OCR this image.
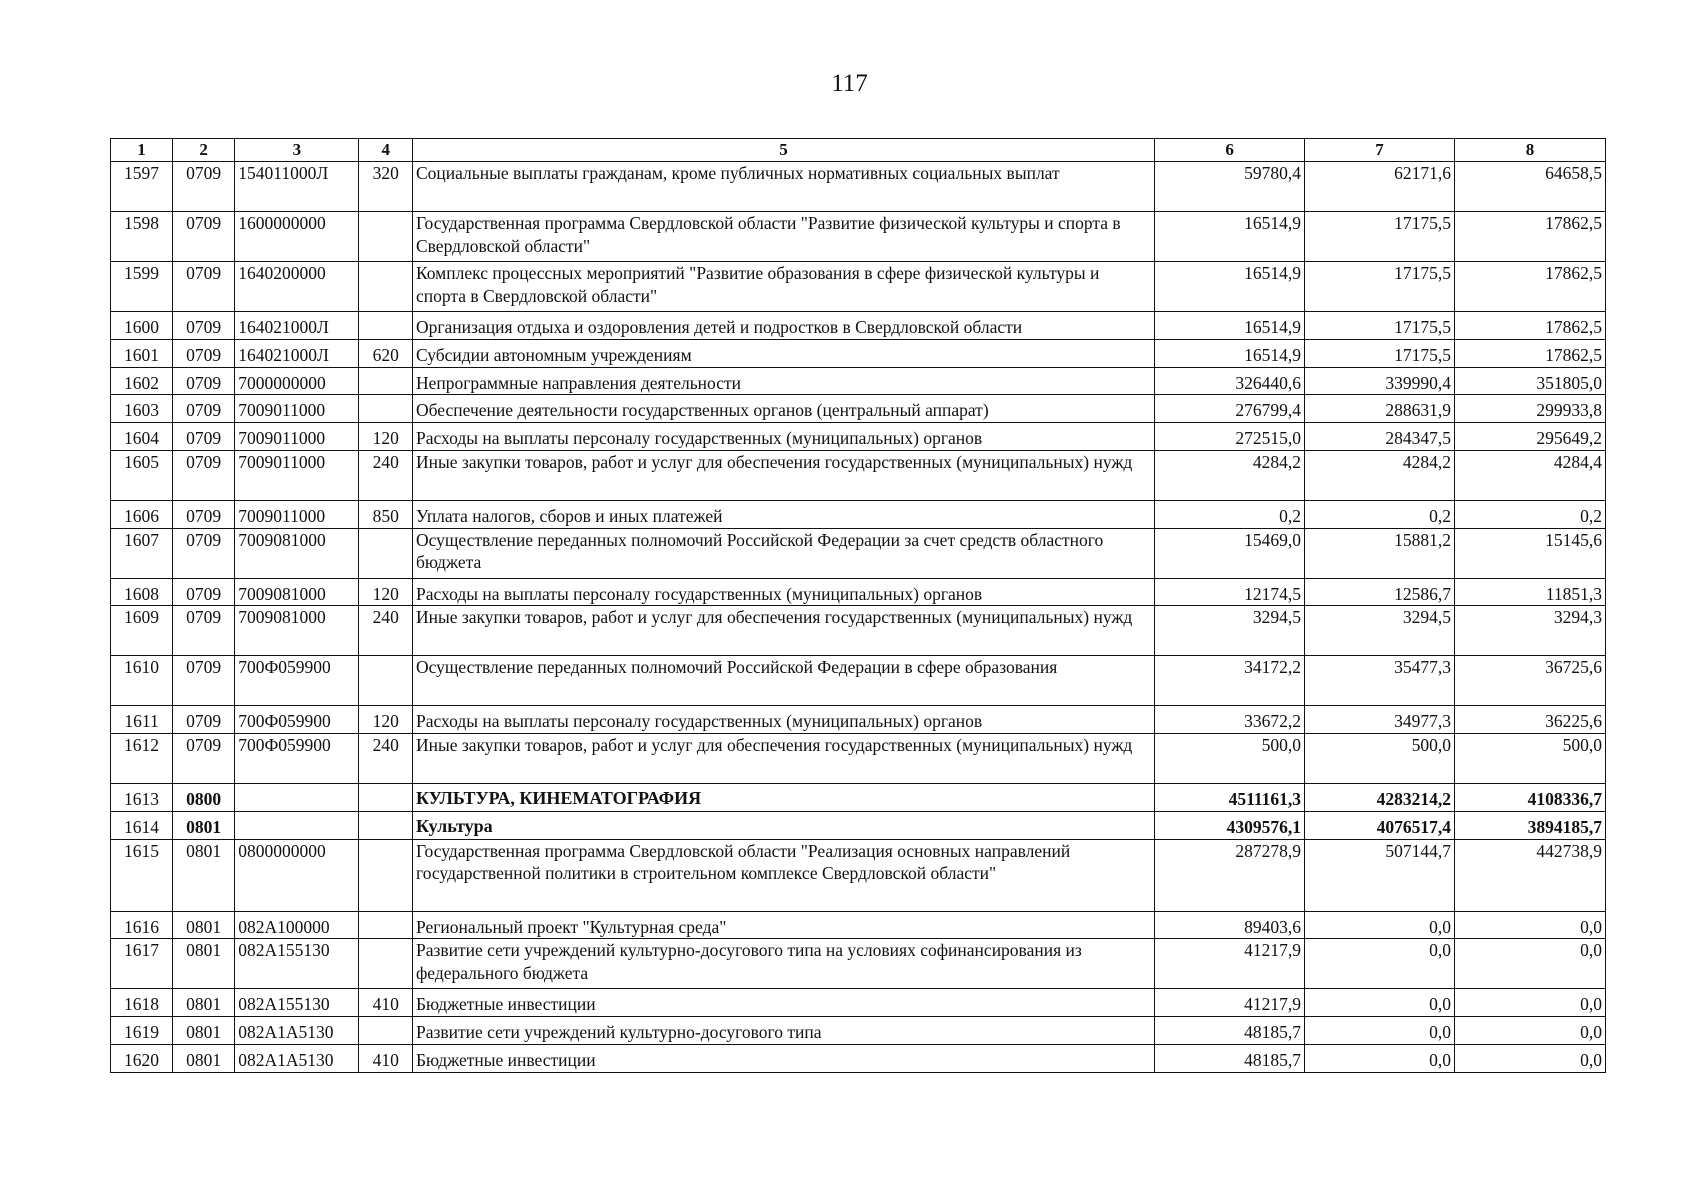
117
1	2	3	4	5	6	7	8
1597	0709	154011000Л	320	Социальные выплаты гражданам, кроме публичных нормативных социальных выплат	59780,4	62171,6	64658,5
1598	0709	1600000000		Государственная программа Свердловской области "Развитие физической культуры и спорта в Свердловской области"	16514,9	17175,5	17862,5
1599	0709	1640200000		Комплекс процессных мероприятий "Развитие образования в сфере физической культуры и спорта в Свердловской области"	16514,9	17175,5	17862,5
1600	0709	164021000Л		Организация отдыха и оздоровления детей и подростков в Свердловской области	16514,9	17175,5	17862,5
1601	0709	164021000Л	620	Субсидии автономным учреждениям	16514,9	17175,5	17862,5
1602	0709	7000000000		Непрограммные направления деятельности	326440,6	339990,4	351805,0
1603	0709	7009011000		Обеспечение деятельности государственных органов (центральный аппарат)	276799,4	288631,9	299933,8
1604	0709	7009011000	120	Расходы на выплаты персоналу государственных (муниципальных) органов	272515,0	284347,5	295649,2
1605	0709	7009011000	240	Иные закупки товаров, работ и услуг для обеспечения государственных (муниципальных) нужд	4284,2	4284,2	4284,4
1606	0709	7009011000	850	Уплата налогов, сборов и иных платежей	0,2	0,2	0,2
1607	0709	7009081000		Осуществление переданных полномочий Российской Федерации за счет средств областного бюджета	15469,0	15881,2	15145,6
1608	0709	7009081000	120	Расходы на выплаты персоналу государственных (муниципальных) органов	12174,5	12586,7	11851,3
1609	0709	7009081000	240	Иные закупки товаров, работ и услуг для обеспечения государственных (муниципальных) нужд	3294,5	3294,5	3294,3
1610	0709	700Ф059900		Осуществление переданных полномочий Российской Федерации в сфере образования	34172,2	35477,3	36725,6
1611	0709	700Ф059900	120	Расходы на выплаты персоналу государственных (муниципальных) органов	33672,2	34977,3	36225,6
1612	0709	700Ф059900	240	Иные закупки товаров, работ и услуг для обеспечения государственных (муниципальных) нужд	500,0	500,0	500,0
1613	0800			КУЛЬТУРА, КИНЕМАТОГРАФИЯ	4511161,3	4283214,2	4108336,7
1614	0801			Культура	4309576,1	4076517,4	3894185,7
1615	0801	0800000000		Государственная программа Свердловской области "Реализация основных направлений государственной политики в строительном комплексе Свердловской области"	287278,9	507144,7	442738,9
1616	0801	082А100000		Региональный проект "Культурная среда"	89403,6	0,0	0,0
1617	0801	082А155130		Развитие сети учреждений культурно-досугового типа на условиях софинансирования из федерального бюджета	41217,9	0,0	0,0
1618	0801	082А155130	410	Бюджетные инвестиции	41217,9	0,0	0,0
1619	0801	082А1А5130		Развитие сети учреждений культурно-досугового типа	48185,7	0,0	0,0
1620	0801	082А1А5130	410	Бюджетные инвестиции	48185,7	0,0	0,0
